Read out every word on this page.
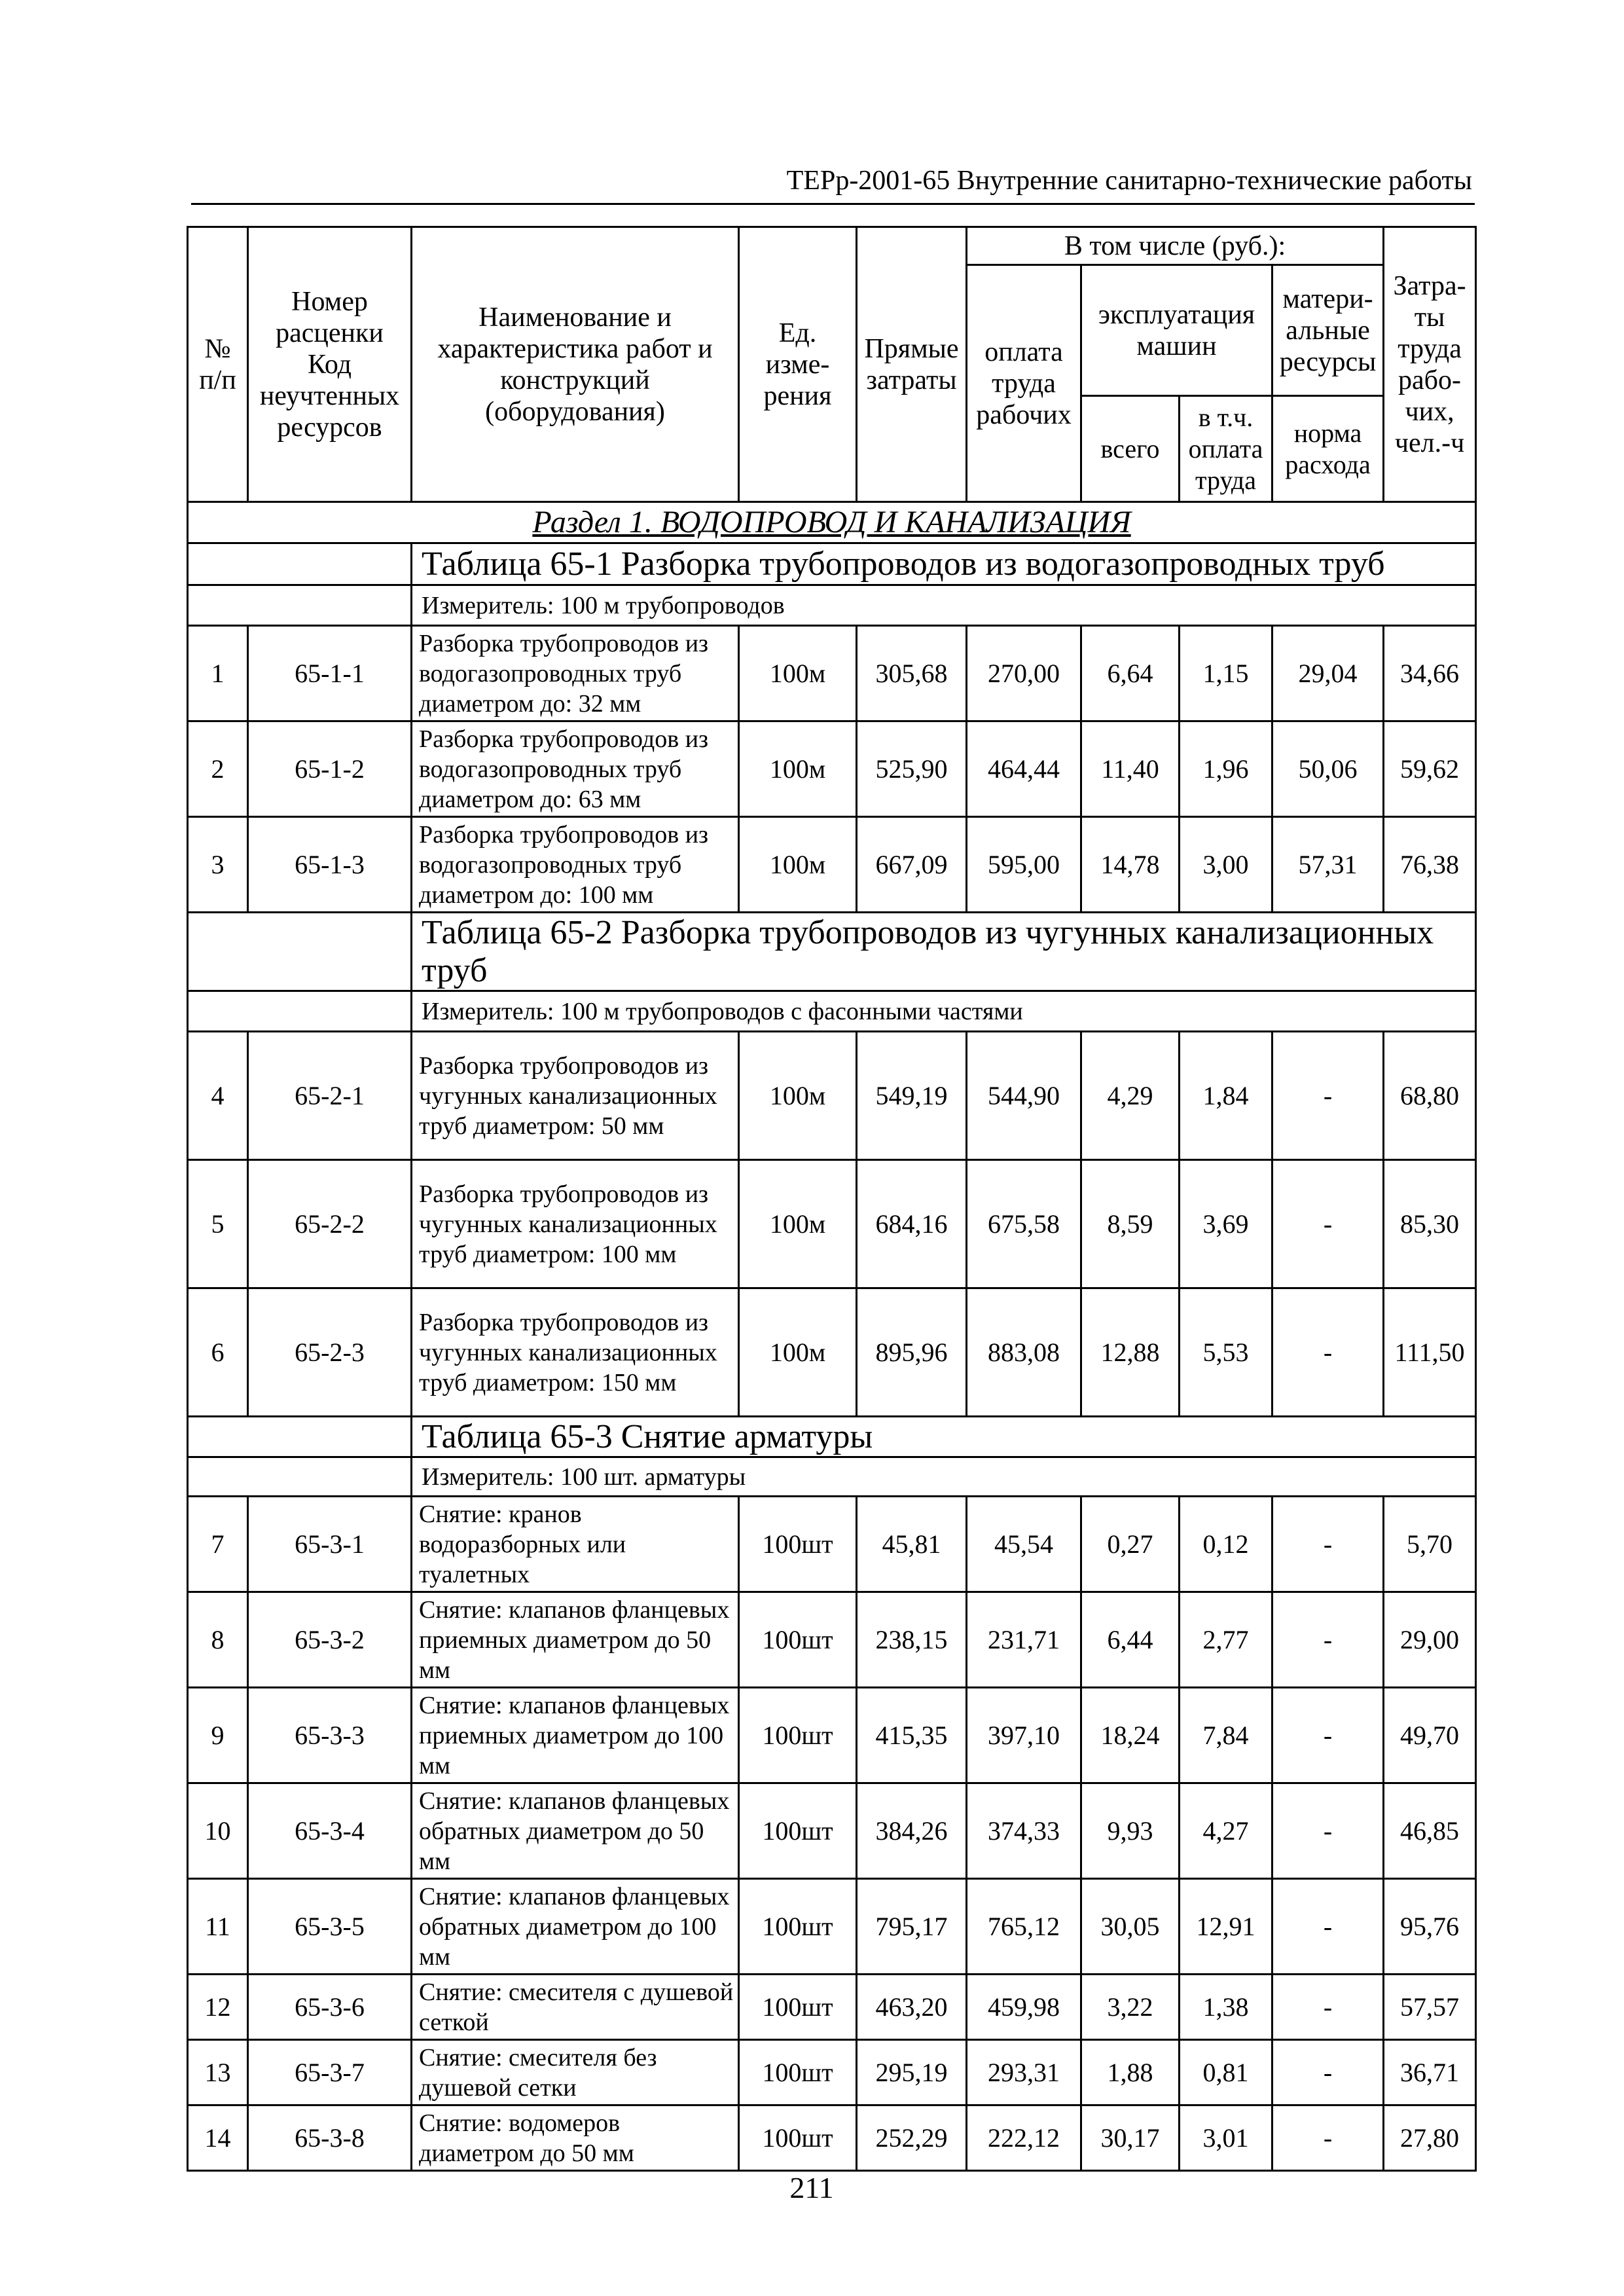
ТЕРр-2001-65 Внутренние санитарно-технические работы
№ п/п	Номер расценки Код неучтенных ресурсов	Наименование и характеристика работ и конструкций (оборудования)	Ед. изме- рения	Прямые затраты	В том числе (руб.):				Затра- ты труда рабо- чих, чел.-ч
					оплата труда рабочих	эксплуатация машин		матери- альные ресурсы	
						всего	в т.ч. оплата труда	норма расхода	
Раздел 1. ВОДОПРОВОД И КАНАЛИЗАЦИЯ									
		Таблица 65-1 Разборка трубопроводов из водогазопроводных труб							
		Измеритель: 100 м трубопроводов							
1	65-1-1	Разборка трубопроводов из водогазопроводных труб диаметром до: 32 мм	100м	305,68	270,00	6,64	1,15	29,04	34,66
2	65-1-2	Разборка трубопроводов из водогазопроводных труб диаметром до: 63 мм	100м	525,90	464,44	11,40	1,96	50,06	59,62
3	65-1-3	Разборка трубопроводов из водогазопроводных труб диаметром до: 100 мм	100м	667,09	595,00	14,78	3,00	57,31	76,38
		Таблица 65-2 Разборка трубопроводов из чугунных канализационных труб							
		Измеритель: 100 м трубопроводов с фасонными частями							
4	65-2-1	Разборка трубопроводов из чугунных канализационных труб диаметром: 50 мм	100м	549,19	544,90	4,29	1,84	-	68,80
5	65-2-2	Разборка трубопроводов из чугунных канализационных труб диаметром: 100 мм	100м	684,16	675,58	8,59	3,69	-	85,30
6	65-2-3	Разборка трубопроводов из чугунных канализационных труб диаметром: 150 мм	100м	895,96	883,08	12,88	5,53	-	111,50
		Таблица 65-3 Снятие арматуры							
		Измеритель: 100 шт. арматуры							
7	65-3-1	Снятие: кранов водоразборных или туалетных	100шт	45,81	45,54	0,27	0,12	-	5,70
8	65-3-2	Снятие: клапанов фланцевых приемных диаметром до 50 мм	100шт	238,15	231,71	6,44	2,77	-	29,00
9	65-3-3	Снятие: клапанов фланцевых приемных диаметром до 100 мм	100шт	415,35	397,10	18,24	7,84	-	49,70
10	65-3-4	Снятие: клапанов фланцевых обратных диаметром до 50 мм	100шт	384,26	374,33	9,93	4,27	-	46,85
11	65-3-5	Снятие: клапанов фланцевых обратных диаметром до 100 мм	100шт	795,17	765,12	30,05	12,91	-	95,76
12	65-3-6	Снятие: смесителя с душевой сеткой	100шт	463,20	459,98	3,22	1,38	-	57,57
13	65-3-7	Снятие: смесителя без душевой сетки	100шт	295,19	293,31	1,88	0,81	-	36,71
14	65-3-8	Снятие: водомеров диаметром до 50 мм	100шт	252,29	222,12	30,17	3,01	-	27,80
211
